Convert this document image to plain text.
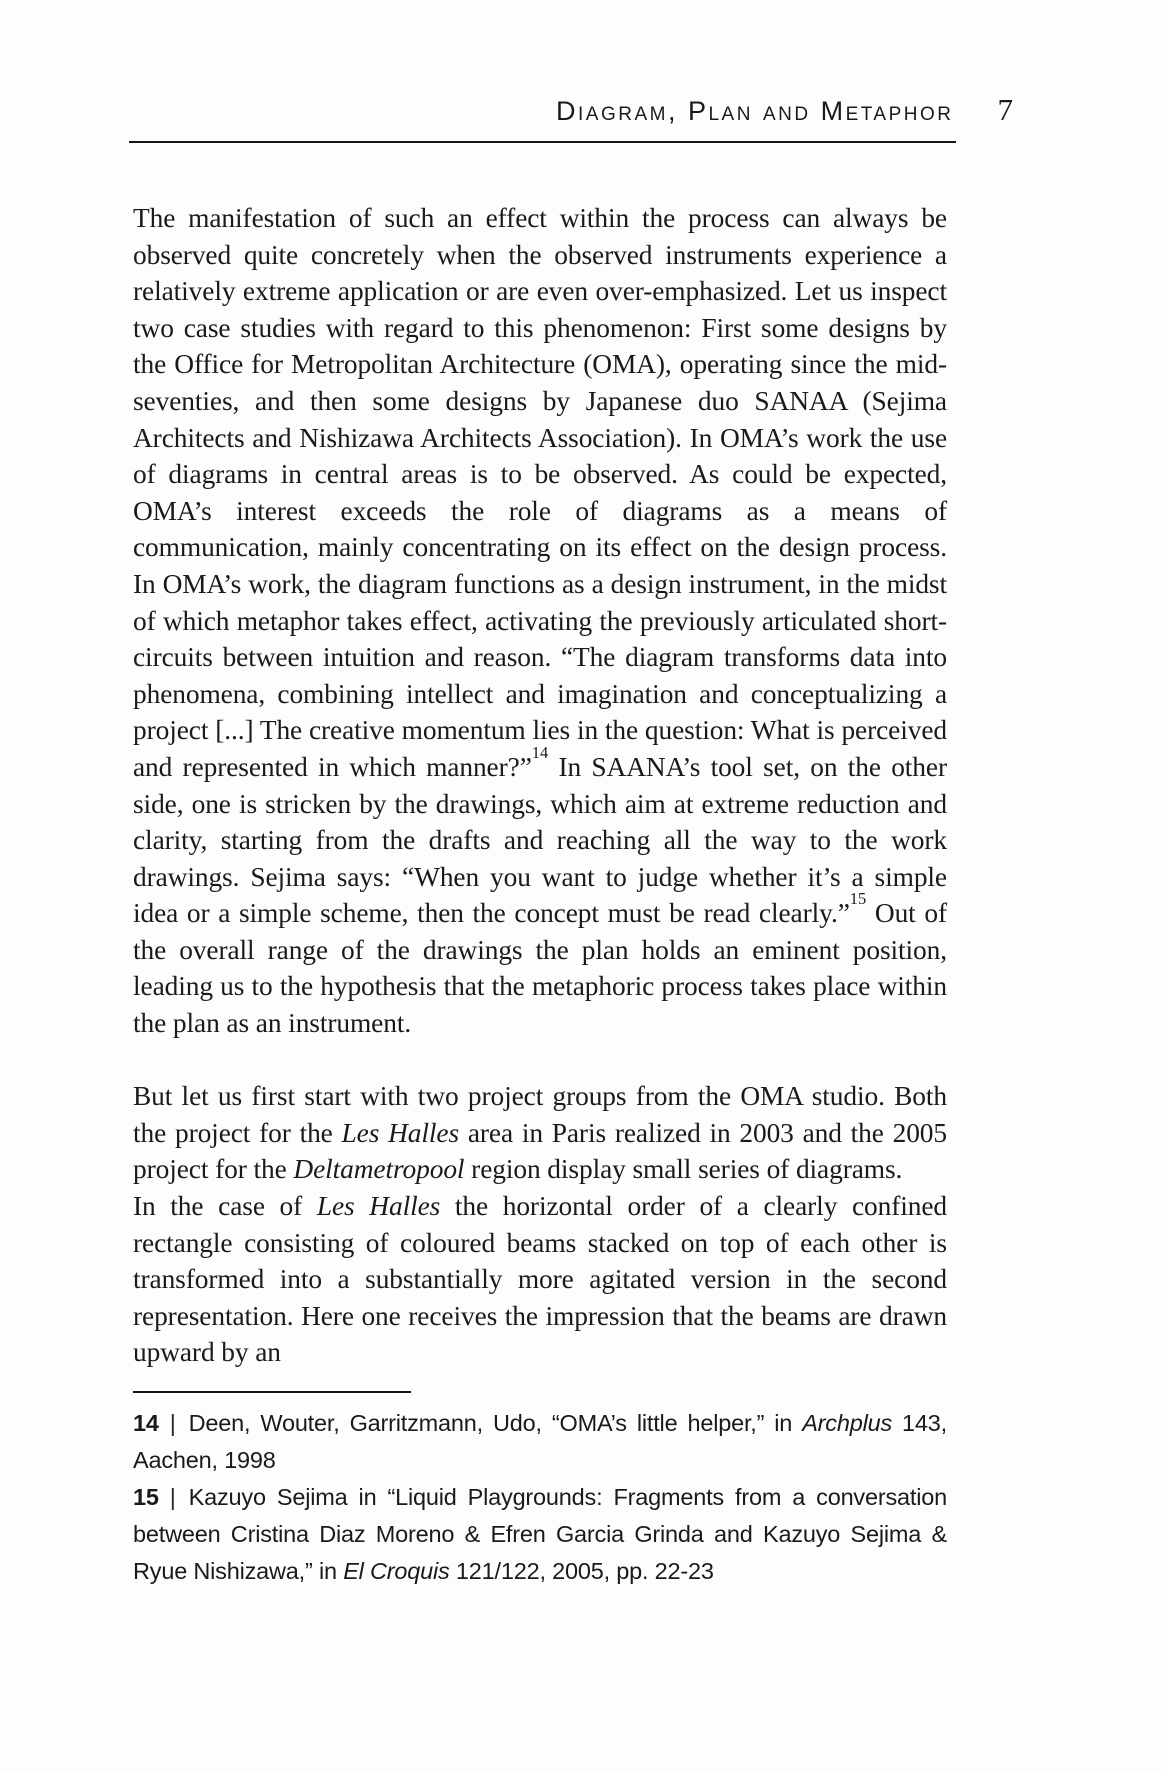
Diagram, Plan and Metaphor 7

The manifestation of such an effect within the process can always be observed quite concretely when the observed instruments experience a relatively extreme application or are even over-emphasized. Let us inspect two case studies with regard to this phenomenon: First some designs by the Office for Metropolitan Architecture (OMA), operating since the mid-seventies, and then some designs by Japanese duo SANAA (Sejima Architects and Nishizawa Architects Association). In OMA’s work the use of diagrams in central areas is to be observed. As could be expected, OMA’s interest exceeds the role of diagrams as a means of communication, mainly concentrating on its effect on the design process. In OMA’s work, the diagram functions as a design instrument, in the midst of which metaphor takes effect, activating the previously articulated short-circuits between intuition and reason. “The diagram transforms data into phenomena, combining intellect and imagination and conceptualizing a project [...] The creative momentum lies in the question: What is perceived and represented in which manner?”$^{14}$ In SAANA’s tool set, on the other side, one is stricken by the drawings, which aim at extreme reduction and clarity, starting from the drafts and reaching all the way to the work drawings. Sejima says: “When you want to judge whether it’s a simple idea or a simple scheme, then the concept must be read clearly.”$^{15}$ Out of the overall range of the drawings the plan holds an eminent position, leading us to the hypothesis that the metaphoric process takes place within the plan as an instrument.

But let us first start with two project groups from the OMA studio. Both the project for the Les Halles area in Paris realized in 2003 and the 2005 project for the Deltametropool region display small series of diagrams.

In the case of Les Halles the horizontal order of a clearly confined rectangle consisting of coloured beams stacked on top of each other is transformed into a substantially more agitated version in the second representation. Here one receives the impression that the beams are drawn upward by an

14 | Deen, Wouter, Garritzmann, Udo, “OMA’s little helper,” in Archplus 143, Aachen, 1998

15 | Kazuyo Sejima in “Liquid Playgrounds: Fragments from a conversation between Cristina Diaz Moreno & Efren Garcia Grinda and Kazuyo Sejima & Ryue Nishizawa,” in El Croquis 121/122, 2005, pp. 22-23
